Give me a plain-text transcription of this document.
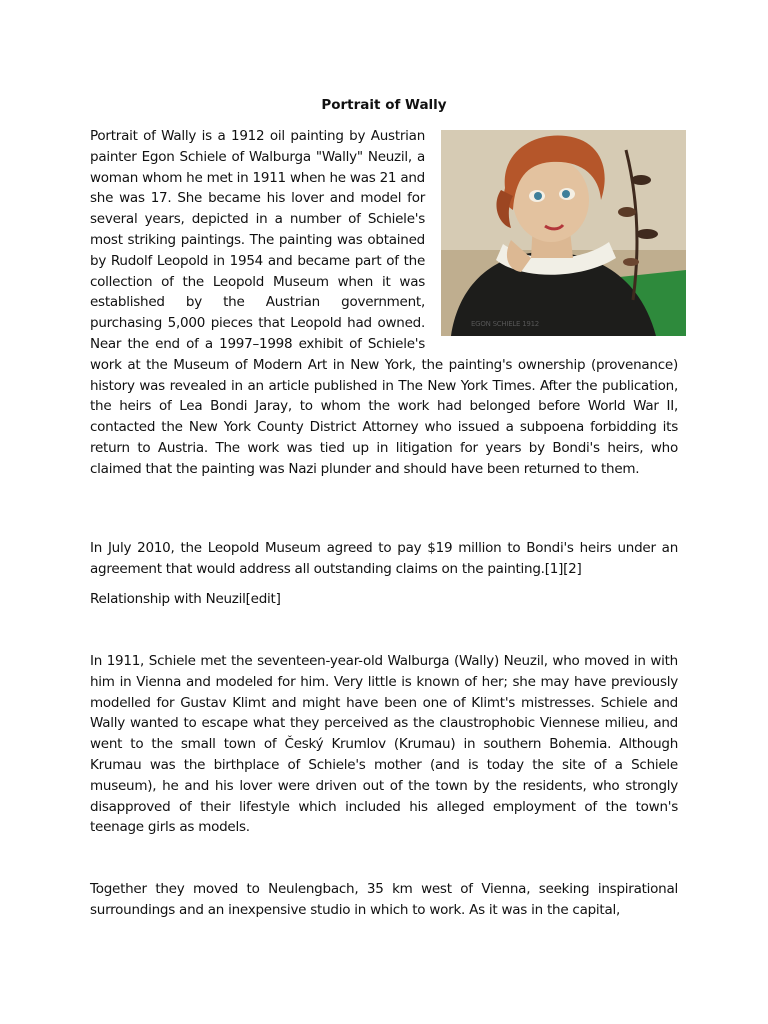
Portrait of Wally
EGON SCHIELE 1912

Portrait of Wally is a 1912 oil painting by Austrian painter Egon Schiele of Walburga "Wally" Neuzil, a woman whom he met in 1911 when he was 21 and she was 17. She became his lover and model for several years, depicted in a number of Schiele's most striking paintings. The painting was obtained by Rudolf Leopold in 1954 and became part of the collection of the Leopold Museum when it was established by the Austrian government, purchasing 5,000 pieces that Leopold had owned. Near the end of a 1997–1998 exhibit of Schiele's work at the Museum of Modern Art in New York, the painting's ownership (provenance) history was revealed in an article published in The New York Times. After the publication, the heirs of Lea Bondi Jaray, to whom the work had belonged before World War II, contacted the New York County District Attorney who issued a subpoena forbidding its return to Austria. The work was tied up in litigation for years by Bondi's heirs, who claimed that the painting was Nazi plunder and should have been returned to them.

In July 2010, the Leopold Museum agreed to pay $19 million to Bondi's heirs under an agreement that would address all outstanding claims on the painting.[1][2]

Relationship with Neuzil[edit]

In 1911, Schiele met the seventeen-year-old Walburga (Wally) Neuzil, who moved in with him in Vienna and modeled for him. Very little is known of her; she may have previously modelled for Gustav Klimt and might have been one of Klimt's mistresses. Schiele and Wally wanted to escape what they perceived as the claustrophobic Viennese milieu, and went to the small town of Český Krumlov (Krumau) in southern Bohemia. Although Krumau was the birthplace of Schiele's mother (and is today the site of a Schiele museum), he and his lover were driven out of the town by the residents, who strongly disapproved of their lifestyle which included his alleged employment of the town's teenage girls as models.

Together they moved to Neulengbach, 35 km west of Vienna, seeking inspirational surroundings and an inexpensive studio in which to work. As it was in the capital,
